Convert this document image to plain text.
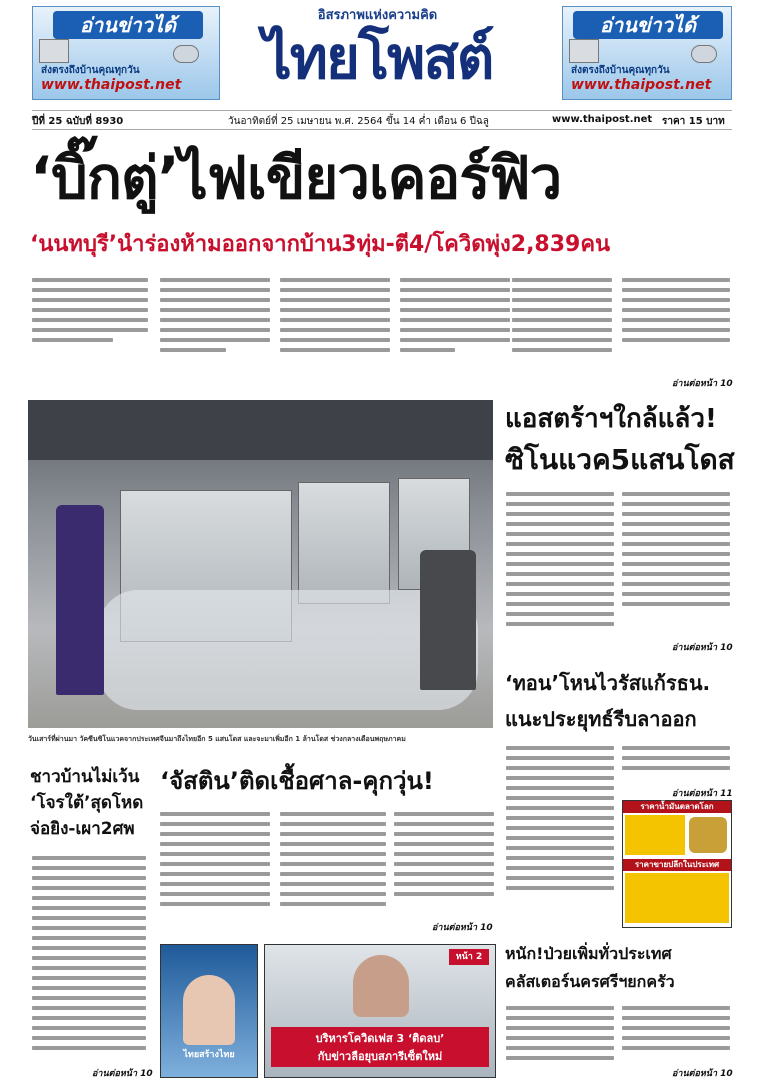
อ่านข่าวได้
ส่งตรงถึงบ้านคุณทุกวัน
www.thaipost.net
อิสรภาพแห่งความคิด
ไทยโพสต์	อ่านข่าวได้
ส่งตรงถึงบ้านคุณทุกวัน
www.thaipost.net
ปีที่ 25 ฉบับที่ 8930	วันอาทิตย์ที่ 25 เมษายน พ.ศ. 2564 ขึ้น 14 ค่ำ เดือน 6 ปีฉลู	www.thaipost.net ราคา 15 บาท
‘บิ๊กตู่’ไฟเขียวเคอร์ฟิว
‘นนทบุรี’นำร่องห้ามออกจากบ้าน3ทุ่ม-ตี4/โควิดพุ่ง2,839คน
อ่านต่อหน้า 10
วันเสาร์ที่ผ่านมา วัคซีนซิโนแวคจากประเทศจีนมาถึงไทยอีก 5 แสนโดส และจะมาเพิ่มอีก 1 ล้านโดส ช่วงกลางเดือนพฤษภาคม
แอสตร้าฯใกล้แล้ว!
ซิโนแวค5แสนโดส
อ่านต่อหน้า 10
‘ทอน’โหนไวรัสแก้รธน.
แนะประยุทธ์รีบลาออก
อ่านต่อหน้า 11
ราคาน้ำมันตลาดโลก
ราคาขายปลีกในประเทศ
ชาวบ้านไม่เว้น
‘โจรใต้’สุดโหด
จ่อยิง-เผา2ศพ
อ่านต่อหน้า 10
‘จัสติน’ติดเชื้อศาล-คุกวุ่น!
อ่านต่อหน้า 10
ไทยสร้างไทย
หน้า 2
บริหารโควิดเฟส 3 ‘ติดลบ’
กับข่าวลือยุบสภารีเซ็ตใหม่
หนัก!ป่วยเพิ่มทั่วประเทศ
คลัสเตอร์นครศรีฯยกครัว
อ่านต่อหน้า 10
